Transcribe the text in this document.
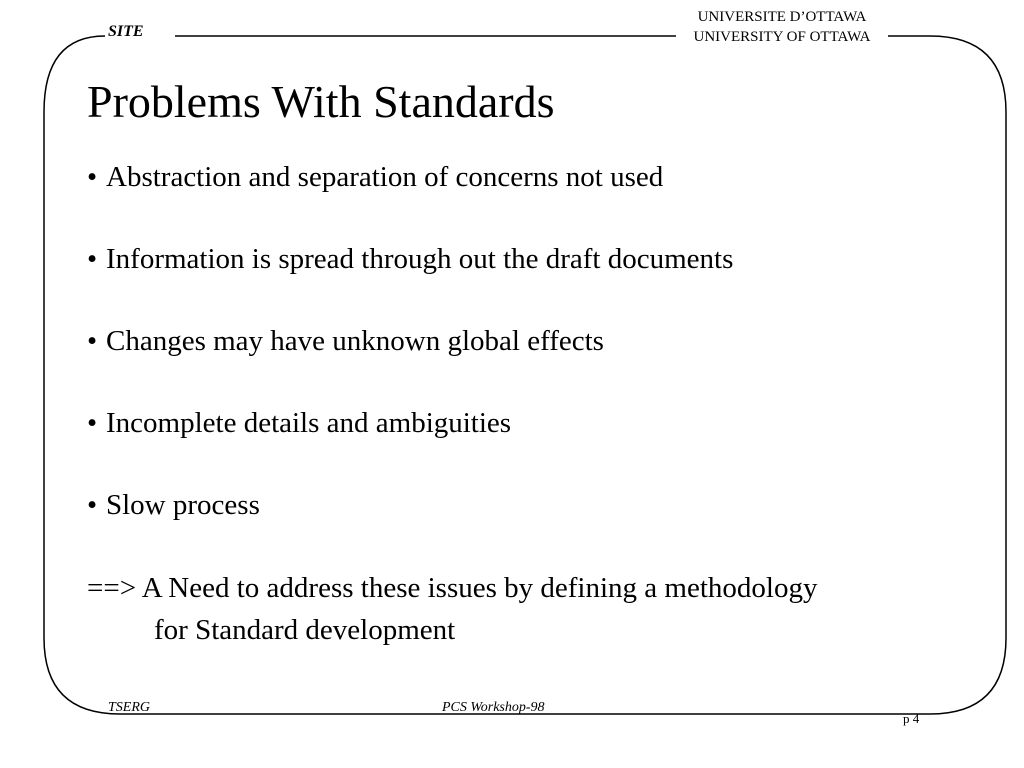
SITE
UNIVERSITE D’OTTAWA
UNIVERSITY OF OTTAWA
Problems With Standards
• Abstraction and separation of concerns not used
• Information is spread through out the draft documents
• Changes may have unknown global effects
• Incomplete details and ambiguities
• Slow process
==> A Need to address these issues by defining a methodology
for Standard development
TSERG	PCS Workshop-98
p 4
